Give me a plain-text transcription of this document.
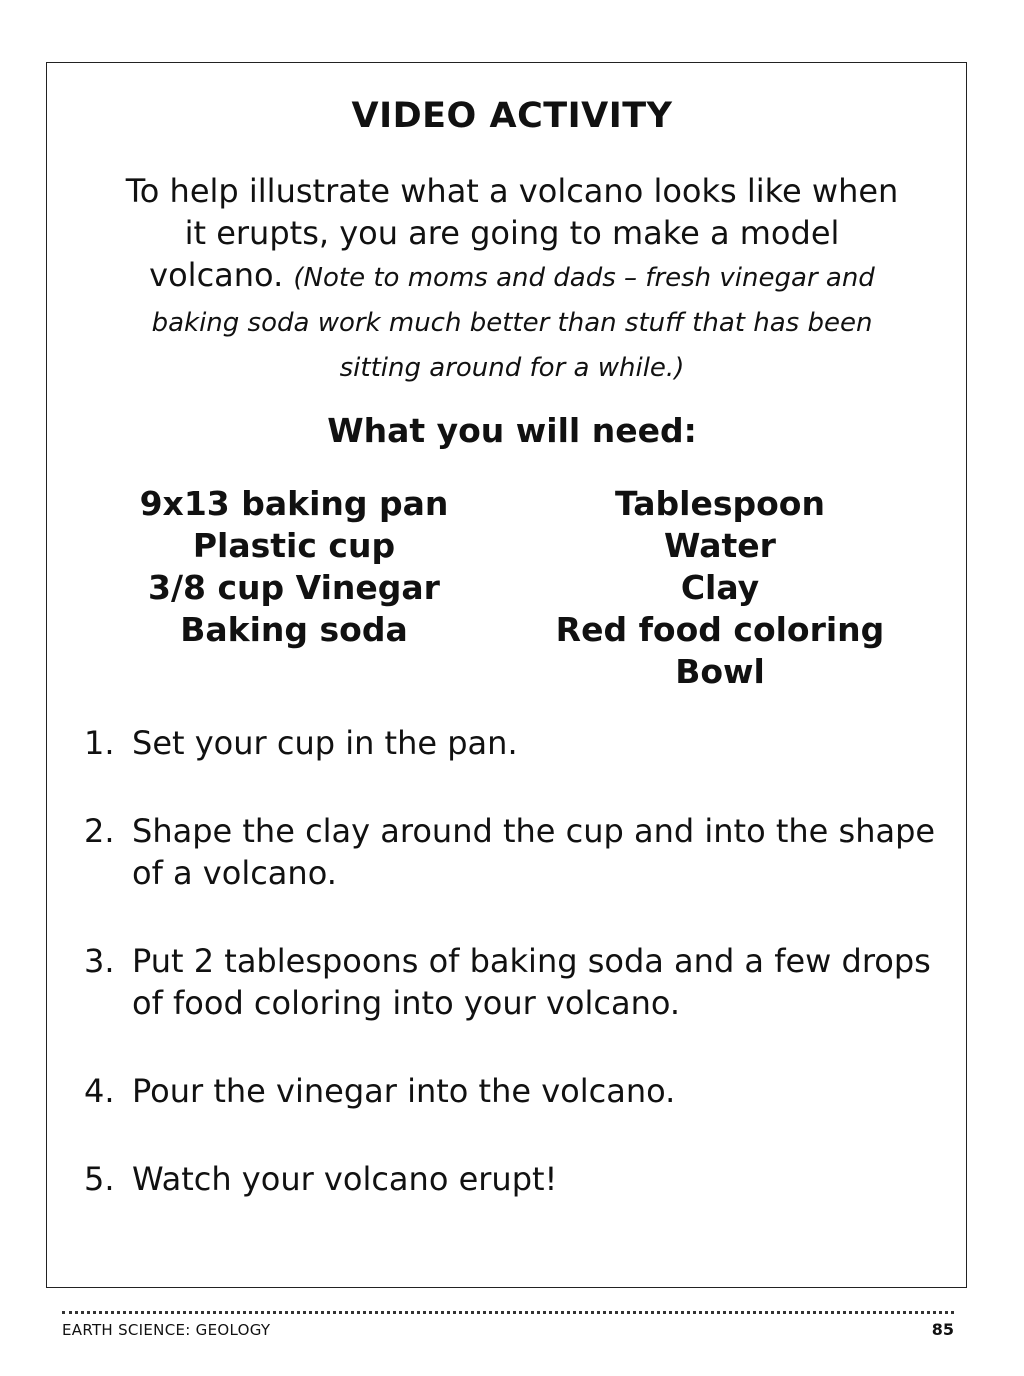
VIDEO ACTIVITY
To help illustrate what a volcano looks like when it erupts, you are going to make a model volcano. (Note to moms and dads – fresh vinegar and baking soda work much better than stuff that has been sitting around for a while.)
What you will need:
9x13 baking pan
Plastic cup
3/8 cup Vinegar
Baking soda
Tablespoon
Water
Clay
Red food coloring
Bowl
1. Set your cup in the pan.
2. Shape the clay around the cup and into the shape of a volcano.
3. Put 2 tablespoons of baking soda and a few drops of food coloring into your volcano.
4. Pour the vinegar into the volcano.
5. Watch your volcano erupt!
EARTH SCIENCE: GEOLOGY	85
